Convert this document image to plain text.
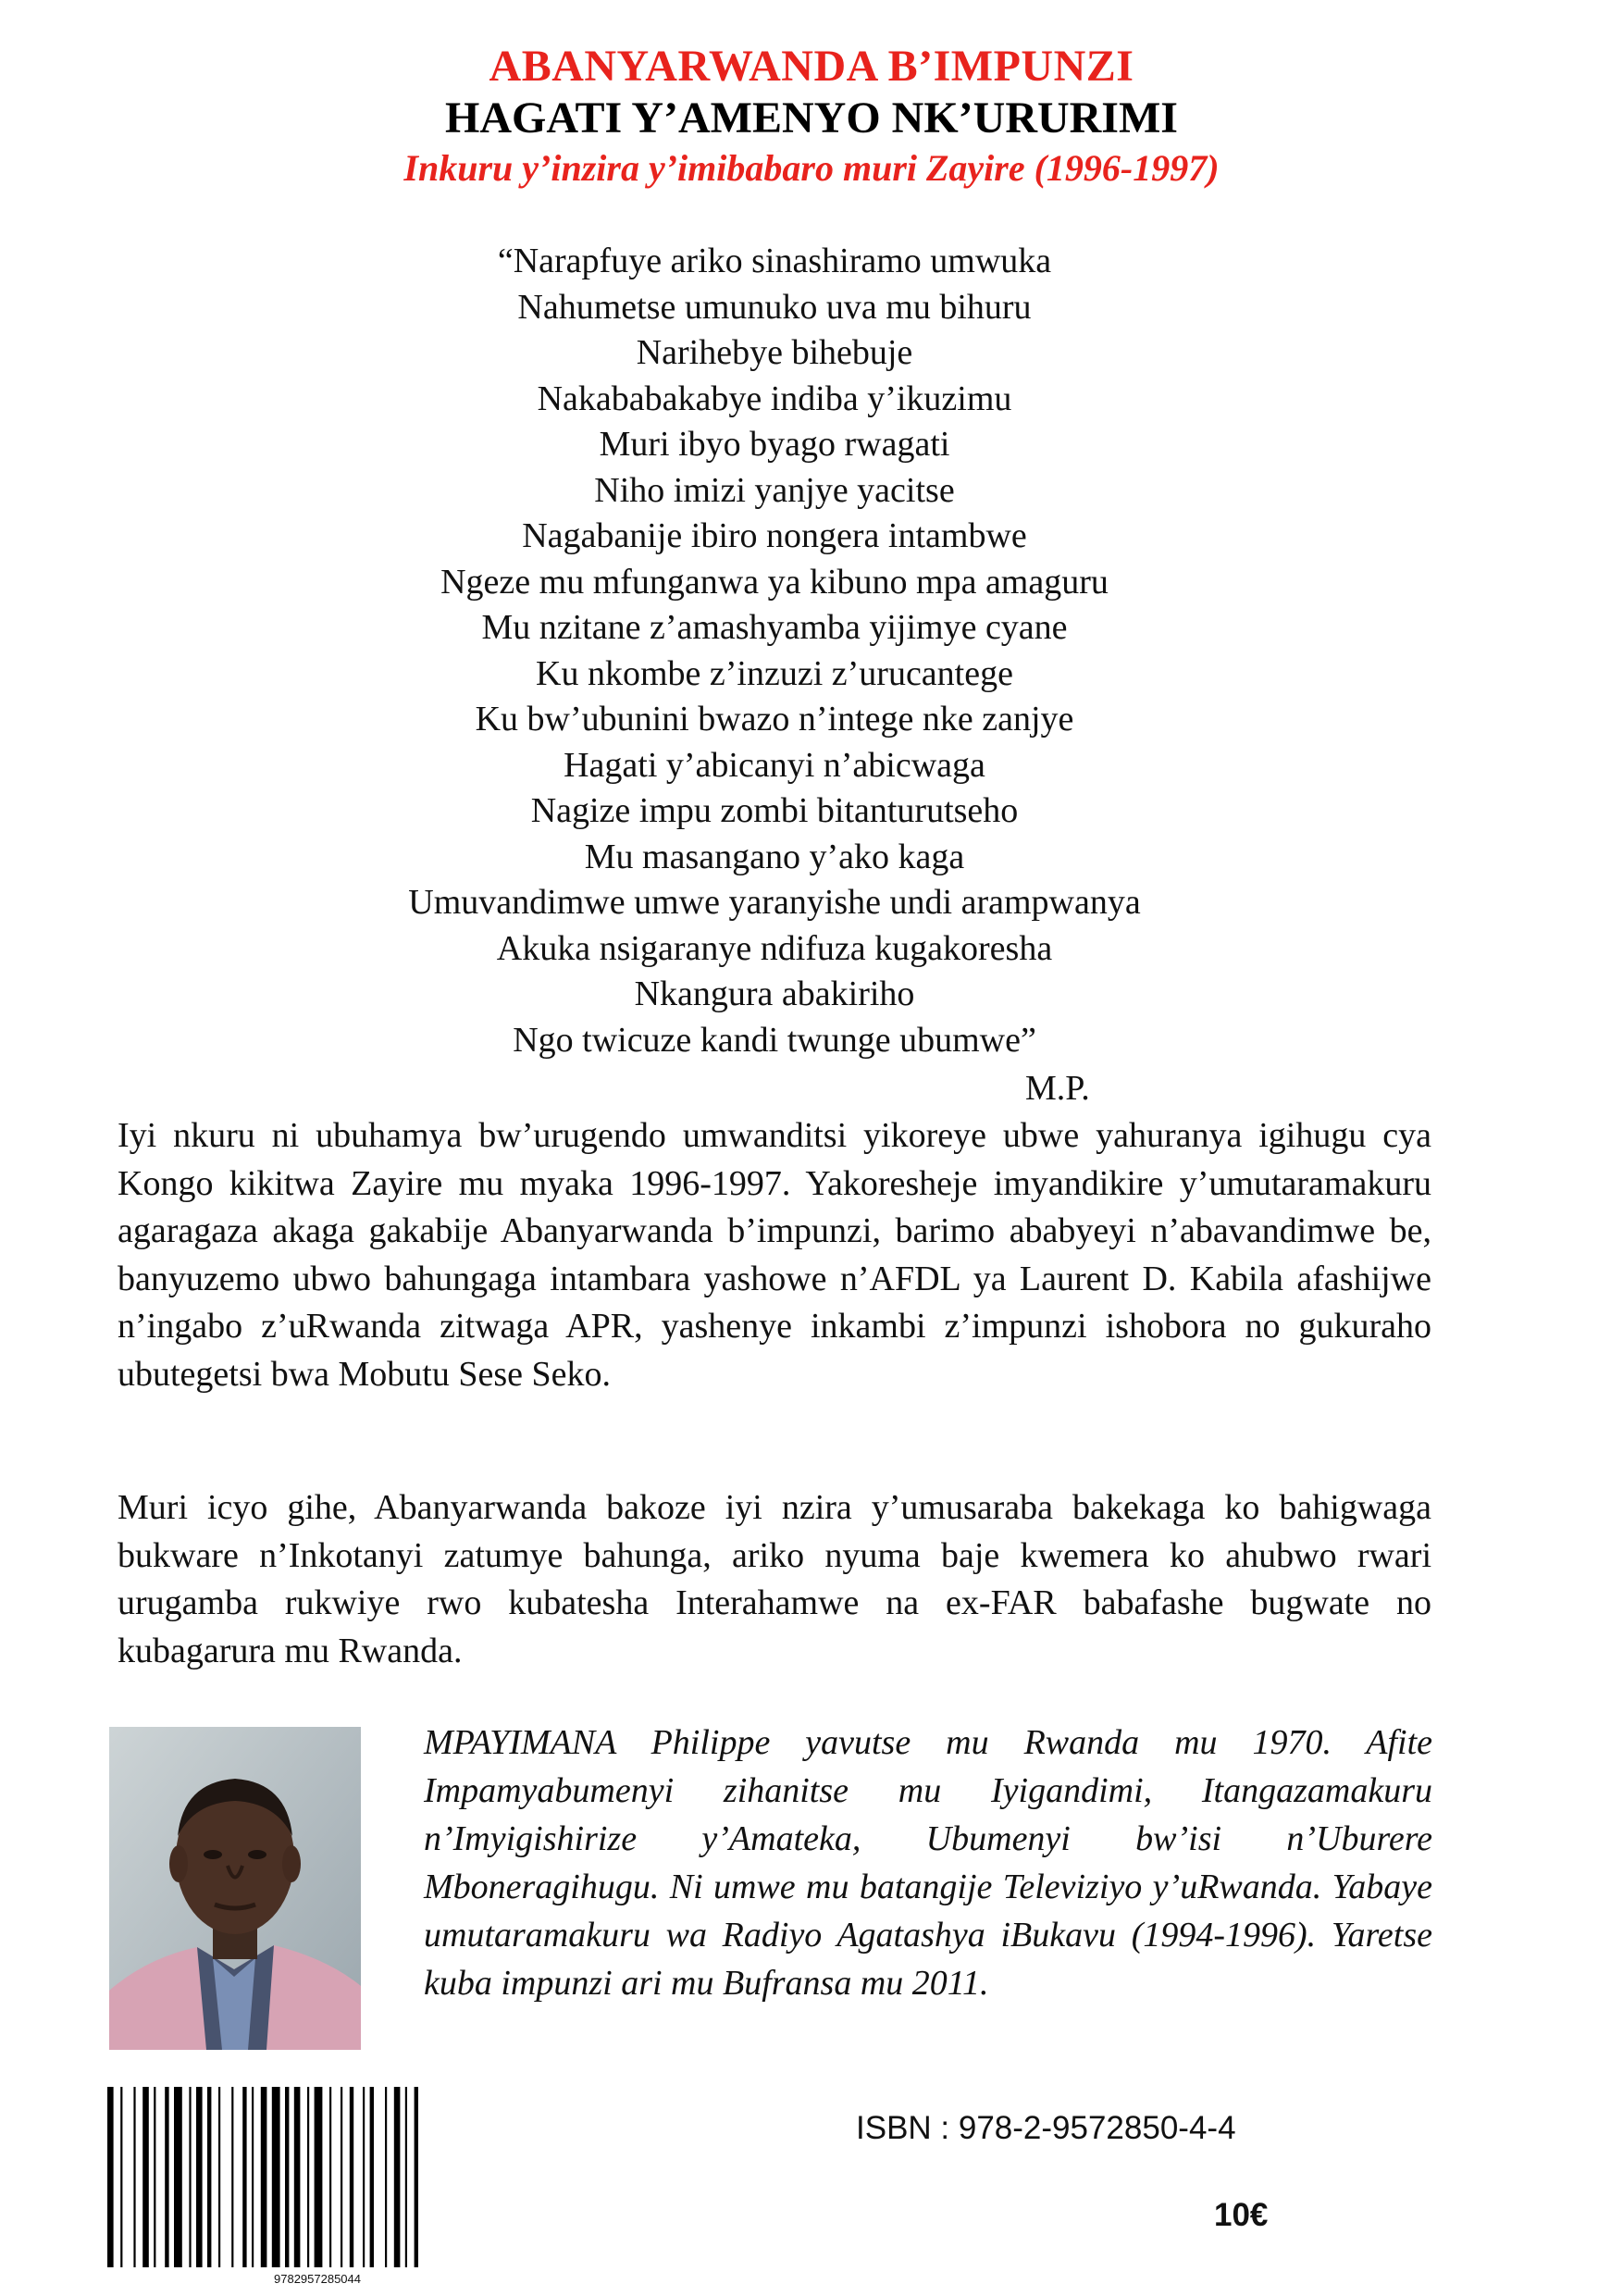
ABANYARWANDA B’IMPUNZI
HAGATI Y’AMENYO NK’URURIMI
Inkuru y’inzira y’imibabaro muri Zayire (1996-1997)
“Narapfuye ariko sinashiramo umwuka
Nahumetse umunuko uva mu bihuru
Narihebye bihebuje
Nakababakabye indiba y’ikuzimu
Muri ibyo byago rwagati
Niho imizi yanjye yacitse
Nagabanije ibiro nongera intambwe
Ngeze mu mfunganwa ya kibuno mpa amaguru
Mu nzitane z’amashyamba yijimye cyane
Ku nkombe z’inzuzi z’urucantege
Ku bw’ubunini bwazo n’intege nke zanjye
Hagati y’abicanyi n’abicwaga
Nagize impu zombi bitanturutseho
Mu masangano y’ako kaga
Umuvandimwe umwe yaranyishe undi arampwanya
Akuka nsigaranye ndifuza kugakoresha
Nkangura abakiriho
Ngo twicuze kandi twunge ubumwe”
M.P.

Iyi nkuru ni ubuhamya bw’urugendo umwanditsi yikoreye ubwe yahuranya igihugu cya Kongo kikitwa Zayire mu myaka 1996-1997. Yakoresheje imyandikire y’umutaramakuru agaragaza akaga gakabije Abanyarwanda b’impunzi, barimo ababyeyi n’abavandimwe be, banyuzemo ubwo bahungaga intambara yashowe n’AFDL ya Laurent D. Kabila afashijwe n’ingabo z’uRwanda zitwaga APR, yashenye inkambi z’impunzi ishobora no gukuraho ubutegetsi bwa Mobutu Sese Seko.

Muri icyo gihe, Abanyarwanda bakoze iyi nzira y’umusaraba bakekaga ko bahigwaga bukware n’Inkotanyi zatumye bahunga, ariko nyuma baje kwemera ko ahubwo rwari urugamba rukwiye rwo kubatesha Interahamwe na ex-FAR babafashe bugwate no kubagarura mu Rwanda.

MPAYIMANA Philippe yavutse mu Rwanda mu 1970. Afite Impamyabumenyi zihanitse mu Iyigandimi, Itangazamakuru n’Imyigishirize y’Amateka, Ubumenyi bw’isi n’Uburere Mboneragihugu. Ni umwe mu batangije Televiziyo y’uRwanda. Yabaye umutaramakuru wa Radiyo Agatashya iBukavu (1994-1996). Yaretse kuba impunzi ari mu Bufransa mu 2011.

9782957285044
ISBN : 978-2-9572850-4-4
10€
